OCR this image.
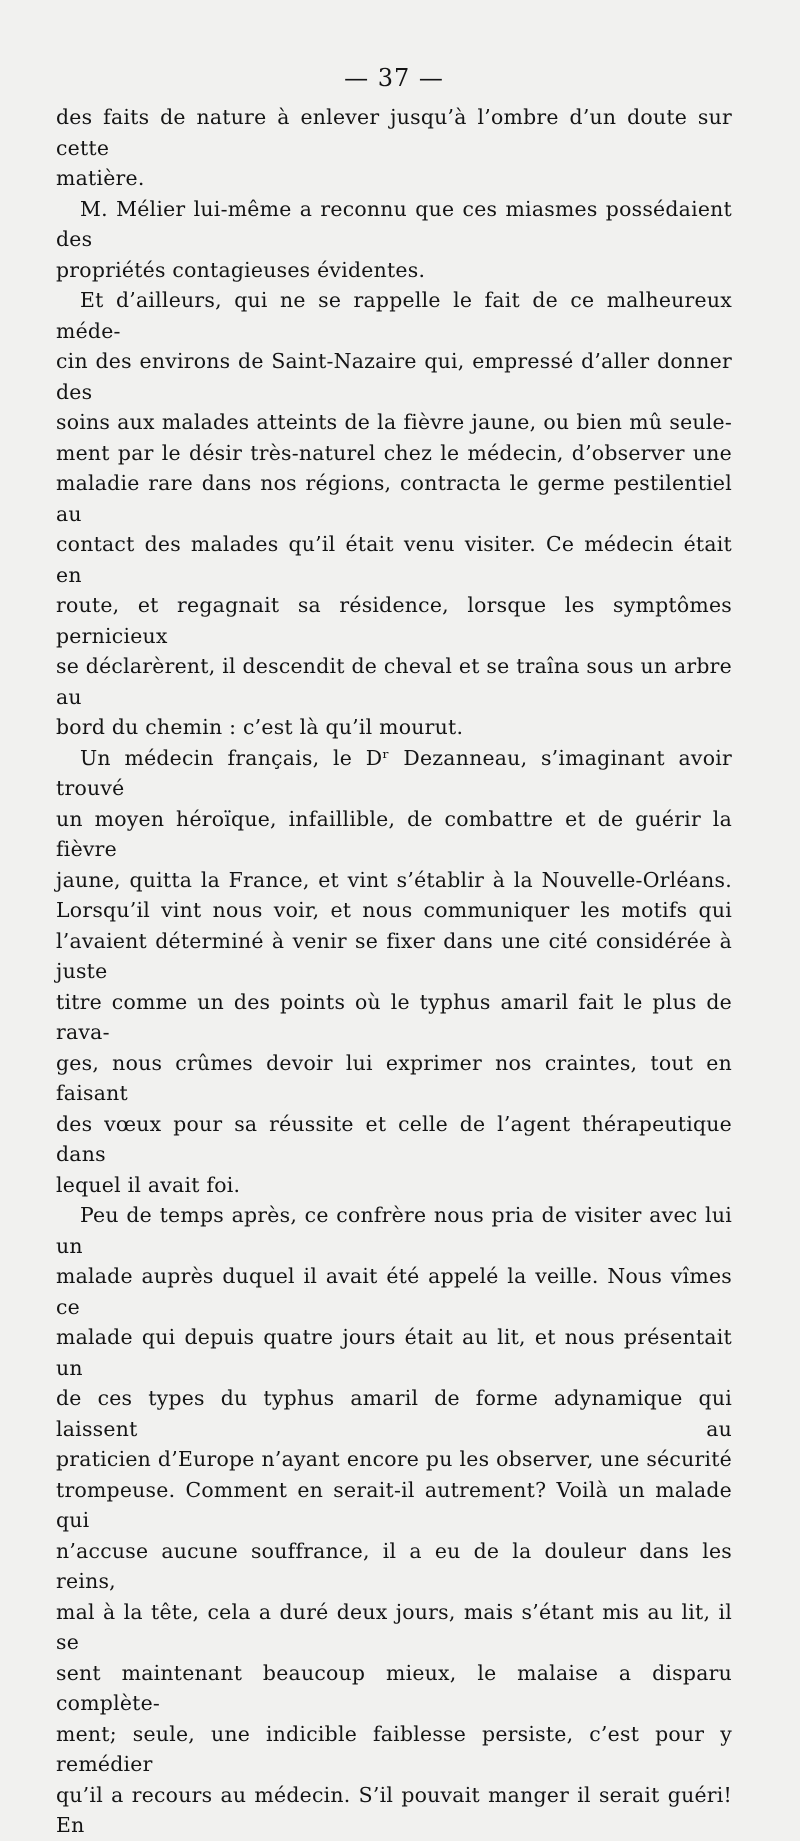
— 37 —

des faits de nature à enlever jusqu’à l’ombre d’un doute sur cette

matière.

M. Mélier lui-même a reconnu que ces miasmes possédaient des

propriétés contagieuses évidentes.

Et d’ailleurs, qui ne se rappelle le fait de ce malheureux méde-

cin des environs de Saint-Nazaire qui, empressé d’aller donner des

soins aux malades atteints de la fièvre jaune, ou bien mû seule-

ment par le désir très-naturel chez le médecin, d’observer une

maladie rare dans nos régions, contracta le germe pestilentiel au

contact des malades qu’il était venu visiter. Ce médecin était en

route, et regagnait sa résidence, lorsque les symptômes pernicieux

se déclarèrent, il descendit de cheval et se traîna sous un arbre au

bord du chemin : c’est là qu’il mourut.

Un médecin français, le Dʳ Dezanneau, s’imaginant avoir trouvé

un moyen héroïque, infaillible, de combattre et de guérir la fièvre

jaune, quitta la France, et vint s’établir à la Nouvelle-Orléans.

Lorsqu’il vint nous voir, et nous communiquer les motifs qui

l’avaient déterminé à venir se fixer dans une cité considérée à juste

titre comme un des points où le typhus amaril fait le plus de rava-

ges, nous crûmes devoir lui exprimer nos craintes, tout en faisant

des vœux pour sa réussite et celle de l’agent thérapeutique dans

lequel il avait foi.

Peu de temps après, ce confrère nous pria de visiter avec lui un

malade auprès duquel il avait été appelé la veille. Nous vîmes ce

malade qui depuis quatre jours était au lit, et nous présentait un

de ces types du typhus amaril de forme adynamique qui laissent au

praticien d’Europe n’ayant encore pu les observer, une sécurité

trompeuse. Comment en serait-il autrement? Voilà un malade qui

n’accuse aucune souffrance, il a eu de la douleur dans les reins,

mal à la tête, cela a duré deux jours, mais s’étant mis au lit, il se

sent maintenant beaucoup mieux, le malaise a disparu complète-

ment; seule, une indicible faiblesse persiste, c’est pour y remédier

qu’il a recours au médecin. S’il pouvait manger il serait guéri! En
